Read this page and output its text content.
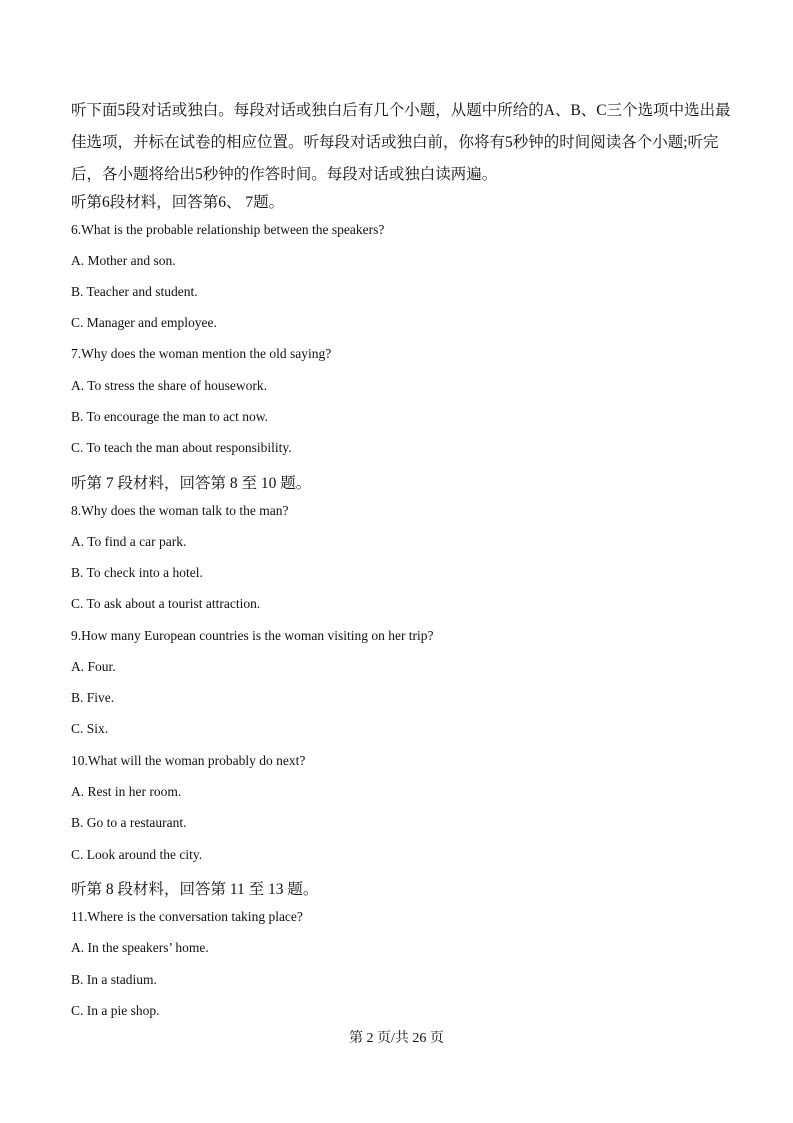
听下面5段对话或独白。每段对话或独白后有几个小题，从题中所给的A、B、C三个选项中选出最佳选项，并标在试卷的相应位置。听每段对话或独白前，你将有5秒钟的时间阅读各个小题;听完后，各小题将给出5秒钟的作答时间。每段对话或独白读两遍。

听第6段材料，回答第6、 7题。
6.What is the probable relationship between the speakers?
A. Mother and son.
B. Teacher and student.
C. Manager and employee.
7.Why does the woman mention the old saying?
A. To stress the share of housework.
B. To encourage the man to act now.
C. To teach the man about responsibility.
听第 7 段材料，回答第 8 至 10 题。
8.Why does the woman talk to the man?
A. To find a car park.
B. To check into a hotel.
C. To ask about a tourist attraction.
9.How many European countries is the woman visiting on her trip?
A. Four.
B. Five.
C. Six.
10.What will the woman probably do next?
A. Rest in her room.
B. Go to a restaurant.
C. Look around the city.
听第 8 段材料，回答第 11 至 13 题。
11.Where is the conversation taking place?
A. In the speakers’ home.
B. In a stadium.
C. In a pie shop.
第 2 页/共 26 页
